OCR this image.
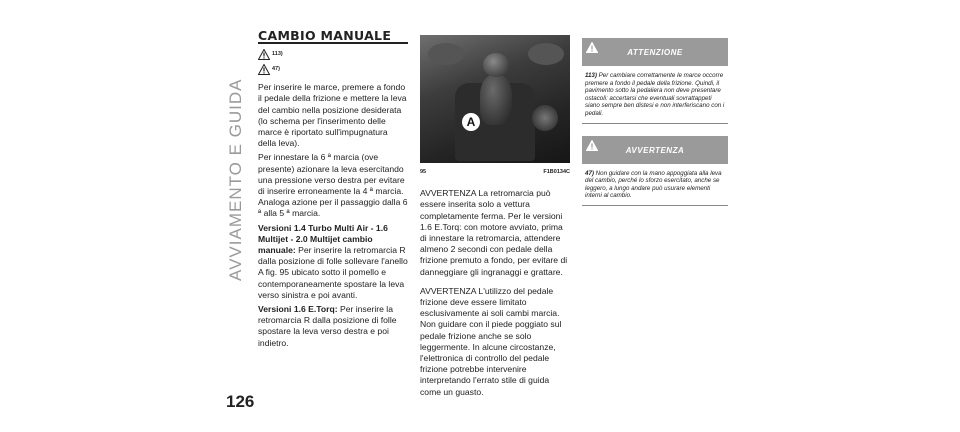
AVVIAMENTO E GUIDA
126
CAMBIO MANUALE
113)
47)

Per inserire le marce, premere a fondo il pedale della frizione e mettere la leva del cambio nella posizione desiderata (lo schema per l'inserimento delle marce è riportato sull'impugnatura della leva).

Per innestare la 6 ª marcia (ove presente) azionare la leva esercitando una pressione verso destra per evitare di inserire erroneamente la 4 ª marcia. Analoga azione per il passaggio dalla 6 ª alla 5 ª marcia.

Versioni 1.4 Turbo Multi Air - 1.6 Multijet - 2.0 Multijet cambio manuale: Per inserire la retromarcia R dalla posizione di folle sollevare l'anello A fig. 95 ubicato sotto il pomello e contemporaneamente spostare la leva verso sinistra e poi avanti.

Versioni 1.6 E.Torq: Per inserire la retromarcia R dalla posizione di folle spostare la leva verso destra e poi indietro.

A
95	F1B0134C

AVVERTENZA La retromarcia può essere inserita solo a vettura completamente ferma. Per le versioni 1.6 E.Torq: con motore avviato, prima di innestare la retromarcia, attendere almeno 2 secondi con pedale della frizione premuto a fondo, per evitare di danneggiare gli ingranaggi e grattare.

AVVERTENZA L'utilizzo del pedale frizione deve essere limitato esclusivamente ai soli cambi marcia. Non guidare con il piede poggiato sul pedale frizione anche se solo leggermente. In alcune circostanze, l'elettronica di controllo del pedale frizione potrebbe intervenire interpretando l'errato stile di guida come un guasto.

ATTENZIONE

113) Per cambiare correttamente le marce occorre premere a fondo il pedale della frizione. Quindi, il pavimento sotto la pedaliera non deve presentare ostacoli: accertarsi che eventuali sovrattappeti siano sempre ben distesi e non interferiscano con i pedali.

AVVERTENZA

47) Non guidare con la mano appoggiata alla leva del cambio, perché lo sforzo esercitato, anche se leggero, a lungo andare può usurare elementi interni al cambio.
